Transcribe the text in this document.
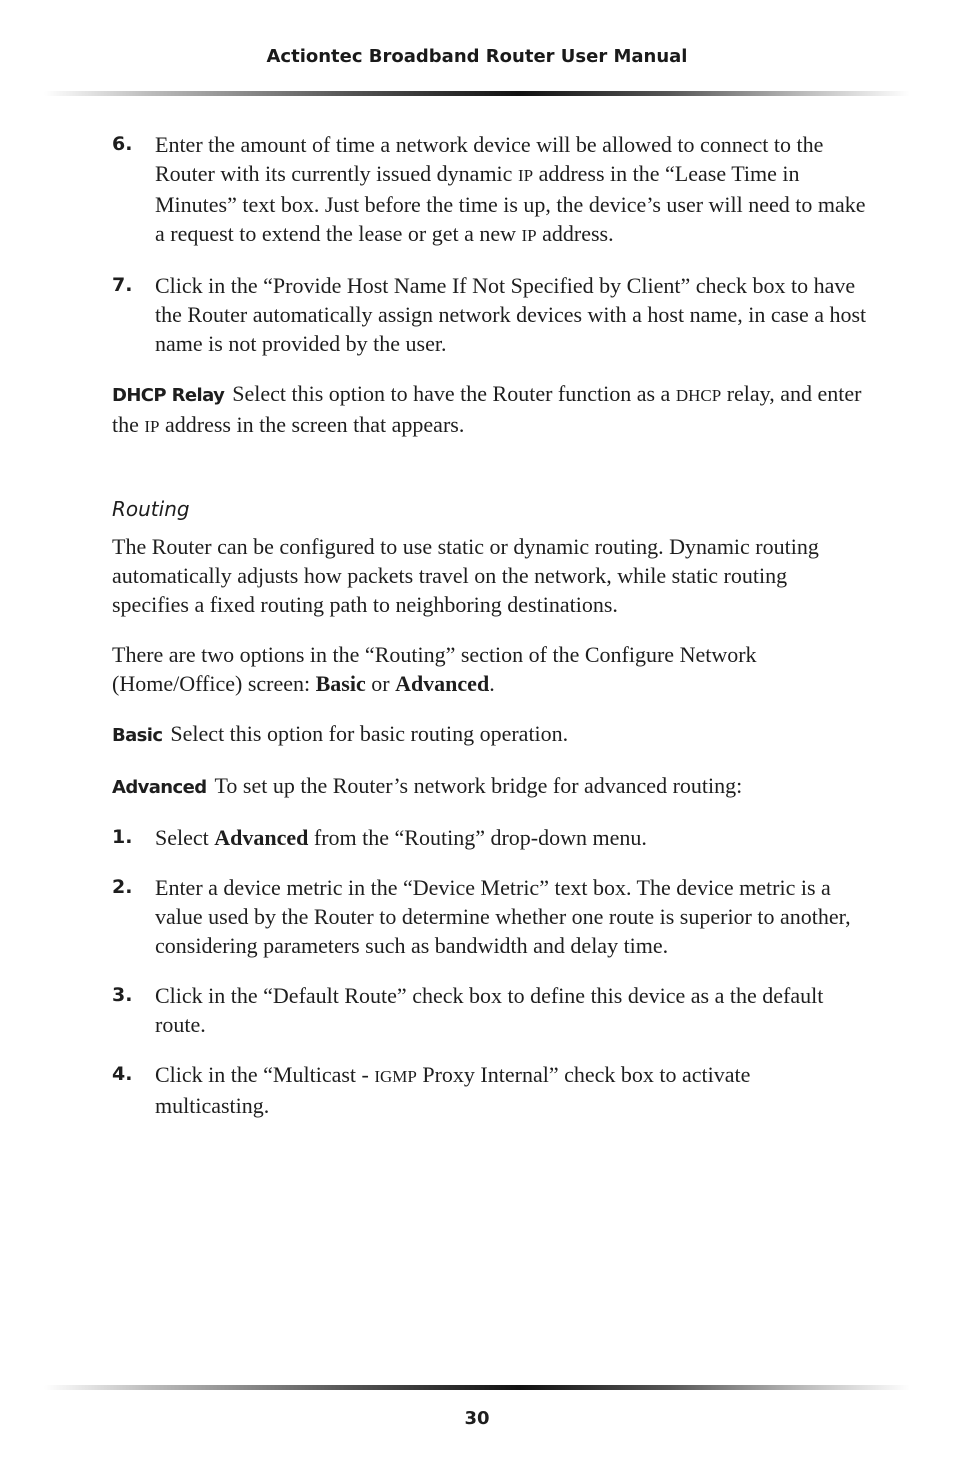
Actiontec Broadband Router User Manual
6.	Enter the amount of time a network device will be allowed to connect to the Router with its currently issued dynamic IP address in the “Lease Time in Minutes” text box. Just before the time is up, the device’s user will need to make a request to extend the lease or get a new IP address.
7.	Click in the “Provide Host Name If Not Specified by Client” check box to have the Router automatically assign network devices with a host name, in case a host name is not provided by the user.

DHCP Relay Select this option to have the Router function as a DHCP relay, and enter the IP address in the screen that appears.

Routing

The Router can be configured to use static or dynamic routing. Dynamic routing automatically adjusts how packets travel on the network, while static routing specifies a fixed routing path to neighboring destinations.

There are two options in the “Routing” section of the Configure Network (Home/Office) screen: Basic or Advanced.

Basic Select this option for basic routing operation.

Advanced To set up the Router’s network bridge for advanced routing:

1.	Select Advanced from the “Routing” drop-down menu.
2.	Enter a device metric in the “Device Metric” text box. The device metric is a value used by the Router to determine whether one route is superior to another, considering parameters such as bandwidth and delay time.
3.	Click in the “Default Route” check box to define this device as a the default route.
4.	Click in the “Multicast - IGMP Proxy Internal” check box to activate multicasting.
30
